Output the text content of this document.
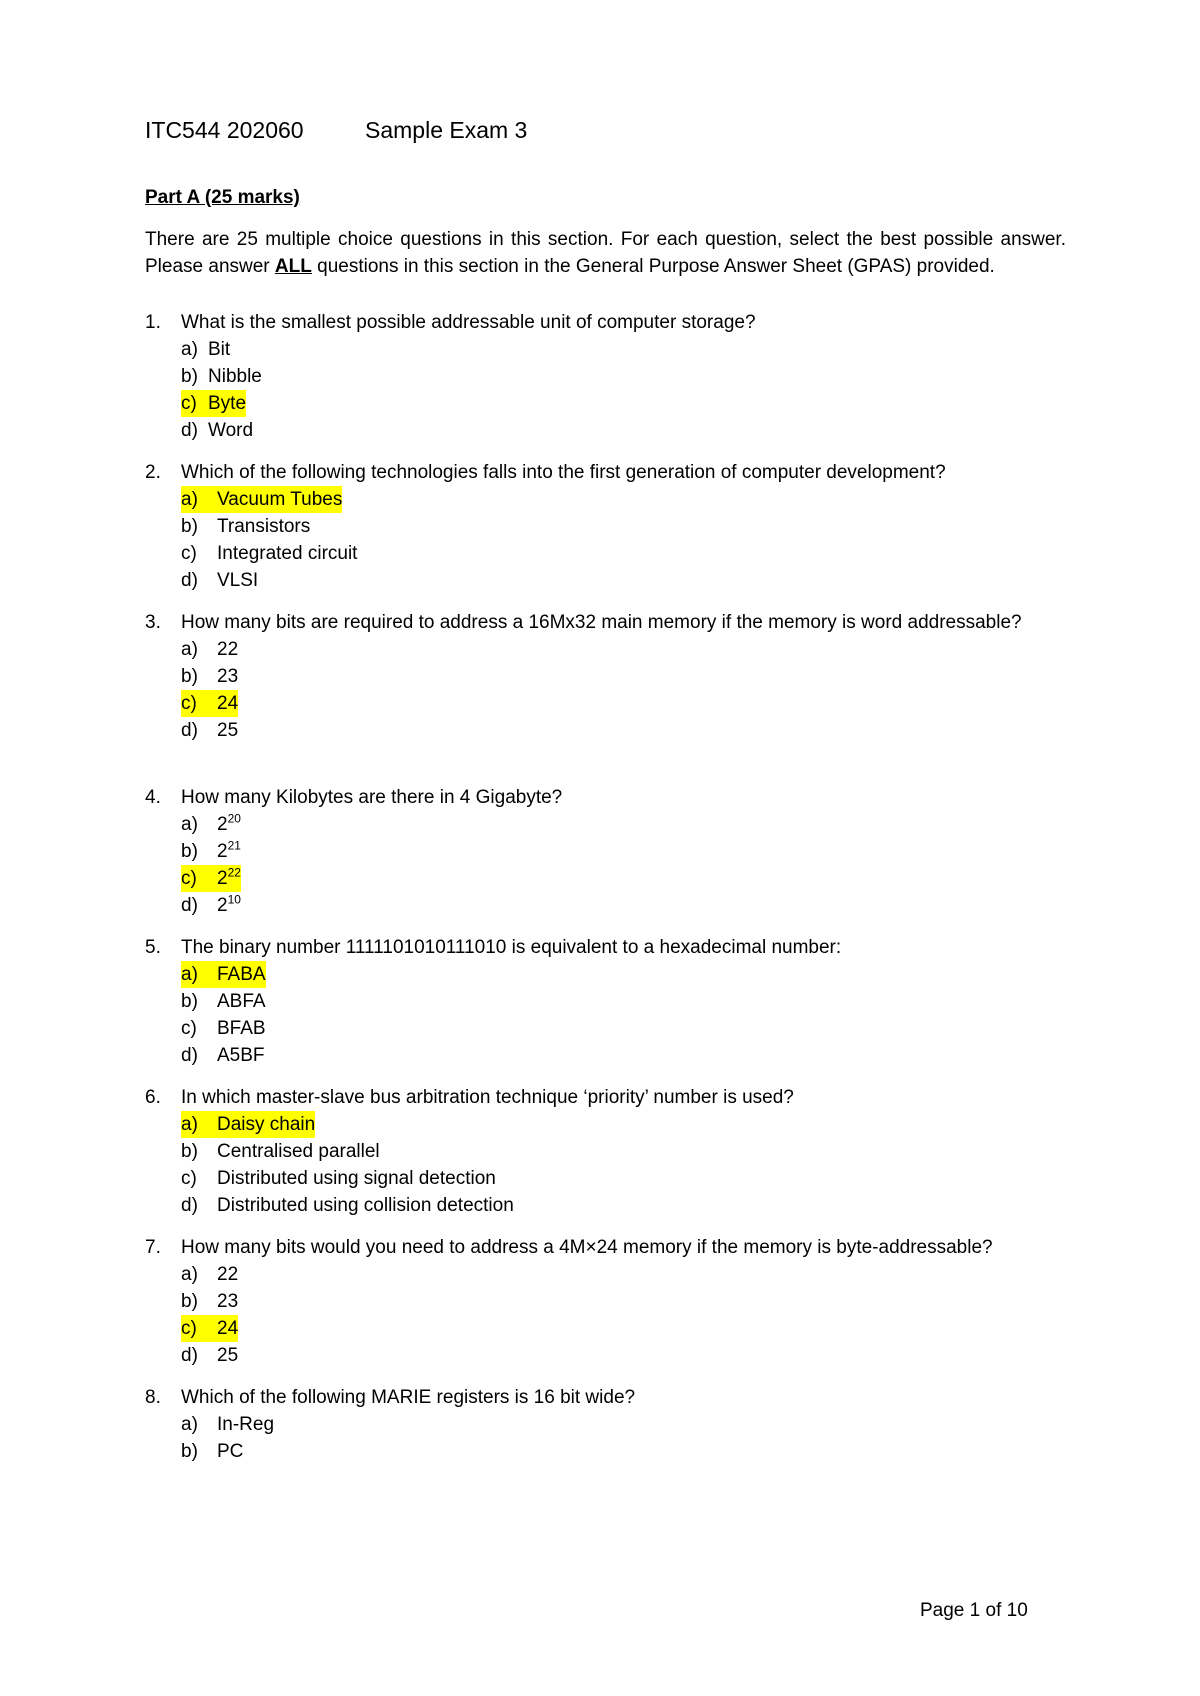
ITC544 202060	Sample Exam 3
Part A (25 marks)
There are 25 multiple choice questions in this section. For each question, select the best possible answer. Please answer ALL questions in this section in the General Purpose Answer Sheet (GPAS) provided.
1.	What is the smallest possible addressable unit of computer storage?
a) Bit
b) Nibble
c) Byte
d) Word
2.	Which of the following technologies falls into the first generation of computer development?
a) Vacuum Tubes
b) Transistors
c) Integrated circuit
d) VLSI
3.	How many bits are required to address a 16Mx32 main memory if the memory is word addressable?
a) 22
b) 23
c) 24
d) 25
4.	How many Kilobytes are there in 4 Gigabyte?
a) $2^{20}$
b) $2^{21}$
c) $2^{22}$
d) $2^{10}$
5.	The binary number 1111101010111010 is equivalent to a hexadecimal number:
a) FABA
b) ABFA
c) BFAB
d) A5BF
6.	In which master-slave bus arbitration technique ‘priority’ number is used?
a) Daisy chain
b) Centralised parallel
c) Distributed using signal detection
d) Distributed using collision detection
7.	How many bits would you need to address a 4M×24 memory if the memory is byte-addressable?
a) 22
b) 23
c) 24
d) 25
8.	Which of the following MARIE registers is 16 bit wide?
a) In-Reg
b) PC
Page 1 of 10
